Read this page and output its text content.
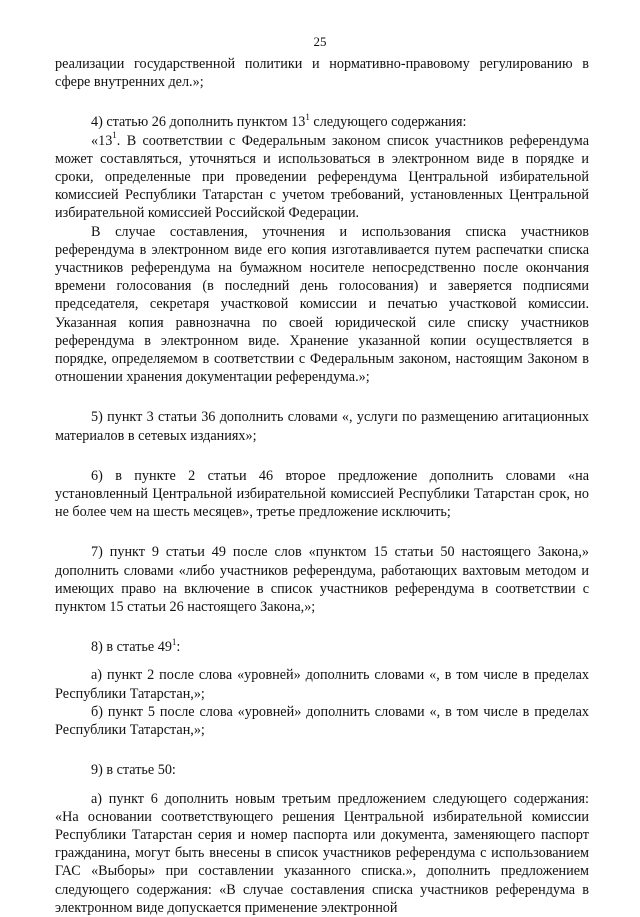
25

реализации государственной политики и нормативно-правовому регулированию в сфере внутренних дел.»;

4) статью 26 дополнить пунктом $13^1$ следующего содержания:

«$13^1$. В соответствии с Федеральным законом список участников референдума может составляться, уточняться и использоваться в электронном виде в порядке и сроки, определенные при проведении референдума Центральной избирательной комиссией Республики Татарстан с учетом требований, установленных Центральной избирательной комиссией Российской Федерации.

В случае составления, уточнения и использования списка участников референдума в электронном виде его копия изготавливается путем распечатки списка участников референдума на бумажном носителе непосредственно после окончания времени голосования (в последний день голосования) и заверяется подписями председателя, секретаря участковой комиссии и печатью участковой комиссии. Указанная копия равнозначна по своей юридической силе списку участников референдума в электронном виде. Хранение указанной копии осуществляется в порядке, определяемом в соответствии с Федеральным законом, настоящим Законом в отношении хранения документации референдума.»;

5) пункт 3 статьи 36 дополнить словами «, услуги по размещению агитационных материалов в сетевых изданиях»;

6) в пункте 2 статьи 46 второе предложение дополнить словами «на установленный Центральной избирательной комиссией Республики Татарстан срок, но не более чем на шесть месяцев», третье предложение исключить;

7) пункт 9 статьи 49 после слов «пунктом 15 статьи 50 настоящего Закона,» дополнить словами «либо участников референдума, работающих вахтовым методом и имеющих право на включение в список участников референдума в соответствии с пунктом 15 статьи 26 настоящего Закона,»;

8) в статье $49^1$:

а) пункт 2 после слова «уровней» дополнить словами «, в том числе в пределах Республики Татарстан,»;

б) пункт 5 после слова «уровней» дополнить словами «, в том числе в пределах Республики Татарстан,»;

9) в статье 50:

а) пункт 6 дополнить новым третьим предложением следующего содержания: «На основании соответствующего решения Центральной избирательной комиссии Республики Татарстан серия и номер паспорта или документа, заменяющего паспорт гражданина, могут быть внесены в список участников референдума с использованием ГАС «Выборы» при составлении указанного списка.», дополнить предложением следующего содержания: «В случае составления списка участников референдума в электронном виде допускается применение электронной
